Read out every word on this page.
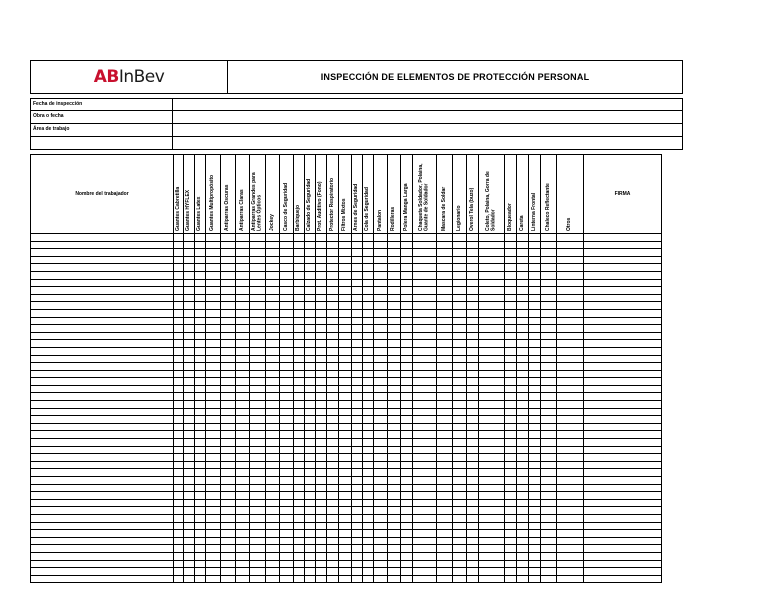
ABInBev	INSPECCIÓN DE ELEMENTOS DE PROTECCIÓN PERSONAL
Fecha de inspección
Obra o fecha
Área de trabajo
Nombre del trabajador	Guantes Cabretilla	Guantes HYFLEX	Guantes Latex	Guantes Multipropósito	Antiparras Oscuras	Antiparras Claras	Antiparras Grandes para Lentes Ópticos	Jockey	Casco de Seguridad	Barbiquejo	Calzado de Seguridad	Prot. Auditivo (Fono)	Protector Respiratorio	Filtros Mixtos	Arnes de Seguridad	Cola de Seguridad	Pantalon	Rodilleras	Polera Manga Larga	Chaqueta Soldador, Polaina, Guante de Soldador	Mascara de Soldar	Legionario	Overol Tela (buzo)	Coleto, Polaina, Gorra de Soldador	Bloqueador	Careta	Linterna Frontal	Chaleco Reflectante	Otros	FIRMA
